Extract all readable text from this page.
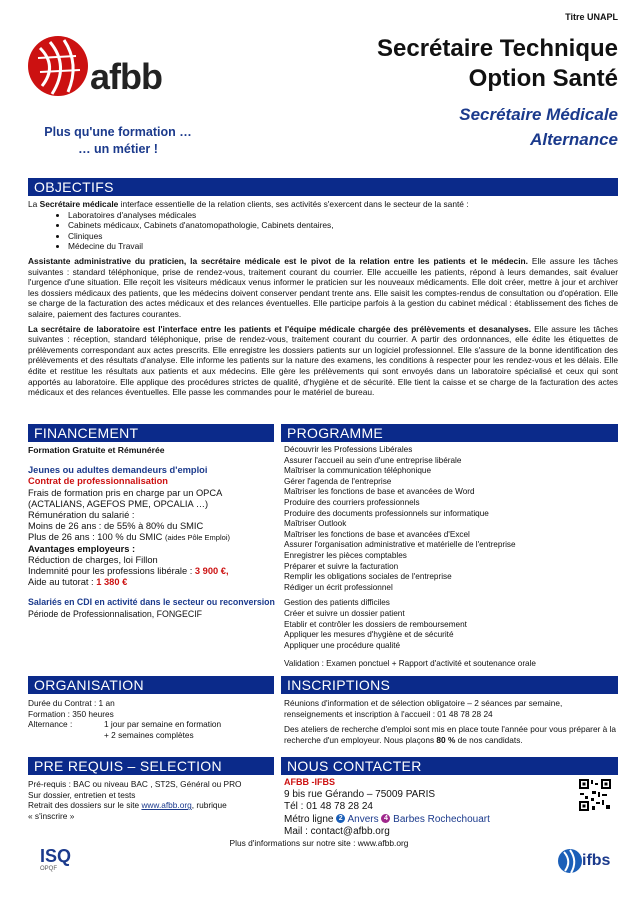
afbb
Plus qu'une formation …
… un métier !
Titre UNAPL
Secrétaire Technique
Option Santé
Secrétaire Médicale
Alternance
OBJECTIFS

La Secrétaire médicale interface essentielle de la relation clients, ses activités s'exercent dans le secteur de la santé :

• Laboratoires d'analyses médicales
• Cabinets médicaux, Cabinets d'anatomopathologie, Cabinets dentaires,
• Cliniques
• Médecine du Travail

Assistante administrative du praticien, la secrétaire médicale est le pivot de la relation entre les patients et le médecin. Elle assure les tâches suivantes : standard téléphonique, prise de rendez-vous, traitement courant du courrier. Elle accueille les patients, répond à leurs demandes, sait évaluer l'urgence d'une situation. Elle reçoit les visiteurs médicaux venus informer le praticien sur les nouveaux médicaments. Elle doit créer, mettre à jour et archiver les dossiers médicaux des patients, que les médecins doivent conserver pendant trente ans. Elle saisit les comptes-rendus de consultation ou d'opération. Elle se charge de la facturation des actes médicaux et des relances éventuelles. Elle participe parfois à la gestion du cabinet médical : établissement des fiches de salaire, paiement des factures courantes.

La secrétaire de laboratoire est l'interface entre les patients et l'équipe médicale chargée des prélèvements et desanalyses. Elle assure les tâches suivantes : réception, standard téléphonique, prise de rendez-vous, traitement courant du courrier. A partir des ordonnances, elle édite les étiquettes de prélèvements correspondant aux actes prescrits. Elle enregistre les dossiers patients sur un logiciel professionnel. Elle s'assure de la bonne identification des prélèvements et des résultats d'analyse. Elle informe les patients sur la nature des examens, les conditions à respecter pour les rendez-vous et les délais. Elle édite et restitue les résultats aux patients et aux médecins. Elle gère les prélèvements qui sont envoyés dans un laboratoire spécialisé et ceux qui sont apportés au laboratoire. Elle applique des procédures strictes de qualité, d'hygiène et de sécurité. Elle tient la caisse et se charge de la facturation des actes médicaux et des relances éventuelles. Elle passe les commandes pour le matériel de bureau.

FINANCEMENT

Formation Gratuite et Rémunérée

Jeunes ou adultes demandeurs d'emploi

Contrat de professionnalisation

Frais de formation pris en charge par un OPCA

(ACTALIANS, AGEFOS PME, OPCALIA …)

Rémunération du salarié :

Moins de 26 ans : de 55% à 80% du SMIC

Plus de 26 ans : 100 % du SMIC (aides Pôle Emploi)

Avantages employeurs :

Réduction de charges, loi Fillon

Indemnité pour les professions libérale : 3 900 €,

Aide au tutorat : 1 380 €

Salariés en CDI en activité dans le secteur ou reconversion

Période de Professionnalisation, FONGECIF

PROGRAMME
Découvrir les Professions Libérales
Assurer l'accueil au sein d'une entreprise libérale
Maîtriser la communication téléphonique
Gérer l'agenda de l'entreprise
Maîtriser les fonctions de base et avancées de Word
Produire des courriers professionnels
Produire des documents professionnels sur informatique
Maîtriser Outlook
Maîtriser les fonctions de base et avancées d'Excel
Assurer l'organisation administrative et matérielle de l'entreprise
Enregistrer les pièces comptables
Préparer et suivre la facturation
Remplir les obligations sociales de l'entreprise
Rédiger un écrit professionnel
Gestion des patients difficiles
Créer et suivre un dossier patient
Etablir et contrôler les dossiers de remboursement
Appliquer les mesures d'hygiène et de sécurité
Appliquer une procédure qualité
Validation : Examen ponctuel + Rapport d'activité et soutenance orale
ORGANISATION
Durée du Contrat : 1 an
Formation : 350 heures
Alternance :	1 jour par semaine en formation
+ 2 semaines complètes
INSCRIPTIONS
Réunions d'information et de sélection obligatoire – 2 séances par semaine, renseignements et inscription à l'accueil : 01 48 78 28 24
Des ateliers de recherche d'emploi sont mis en place toute l'année pour vous préparer à la recherche d'un employeur. Nous plaçons 80 % de nos candidats.
PRE REQUIS – SELECTION
Pré-requis : BAC ou niveau BAC , ST2S, Général ou PRO
Sur dossier, entretien et tests
Retrait des dossiers sur le site www.afbb.org, rubrique
« s'inscrire »
NOUS CONTACTER
AFBB -IFBS
9 bis rue Gérando – 75009 PARIS
Tél : 01 48 78 28 24
Métro ligne 2 Anvers 4 Barbes Rochechouart
Mail : contact@afbb.org
Plus d'informations sur notre site : www.afbb.org
ISQ
OPQF	ifbs
